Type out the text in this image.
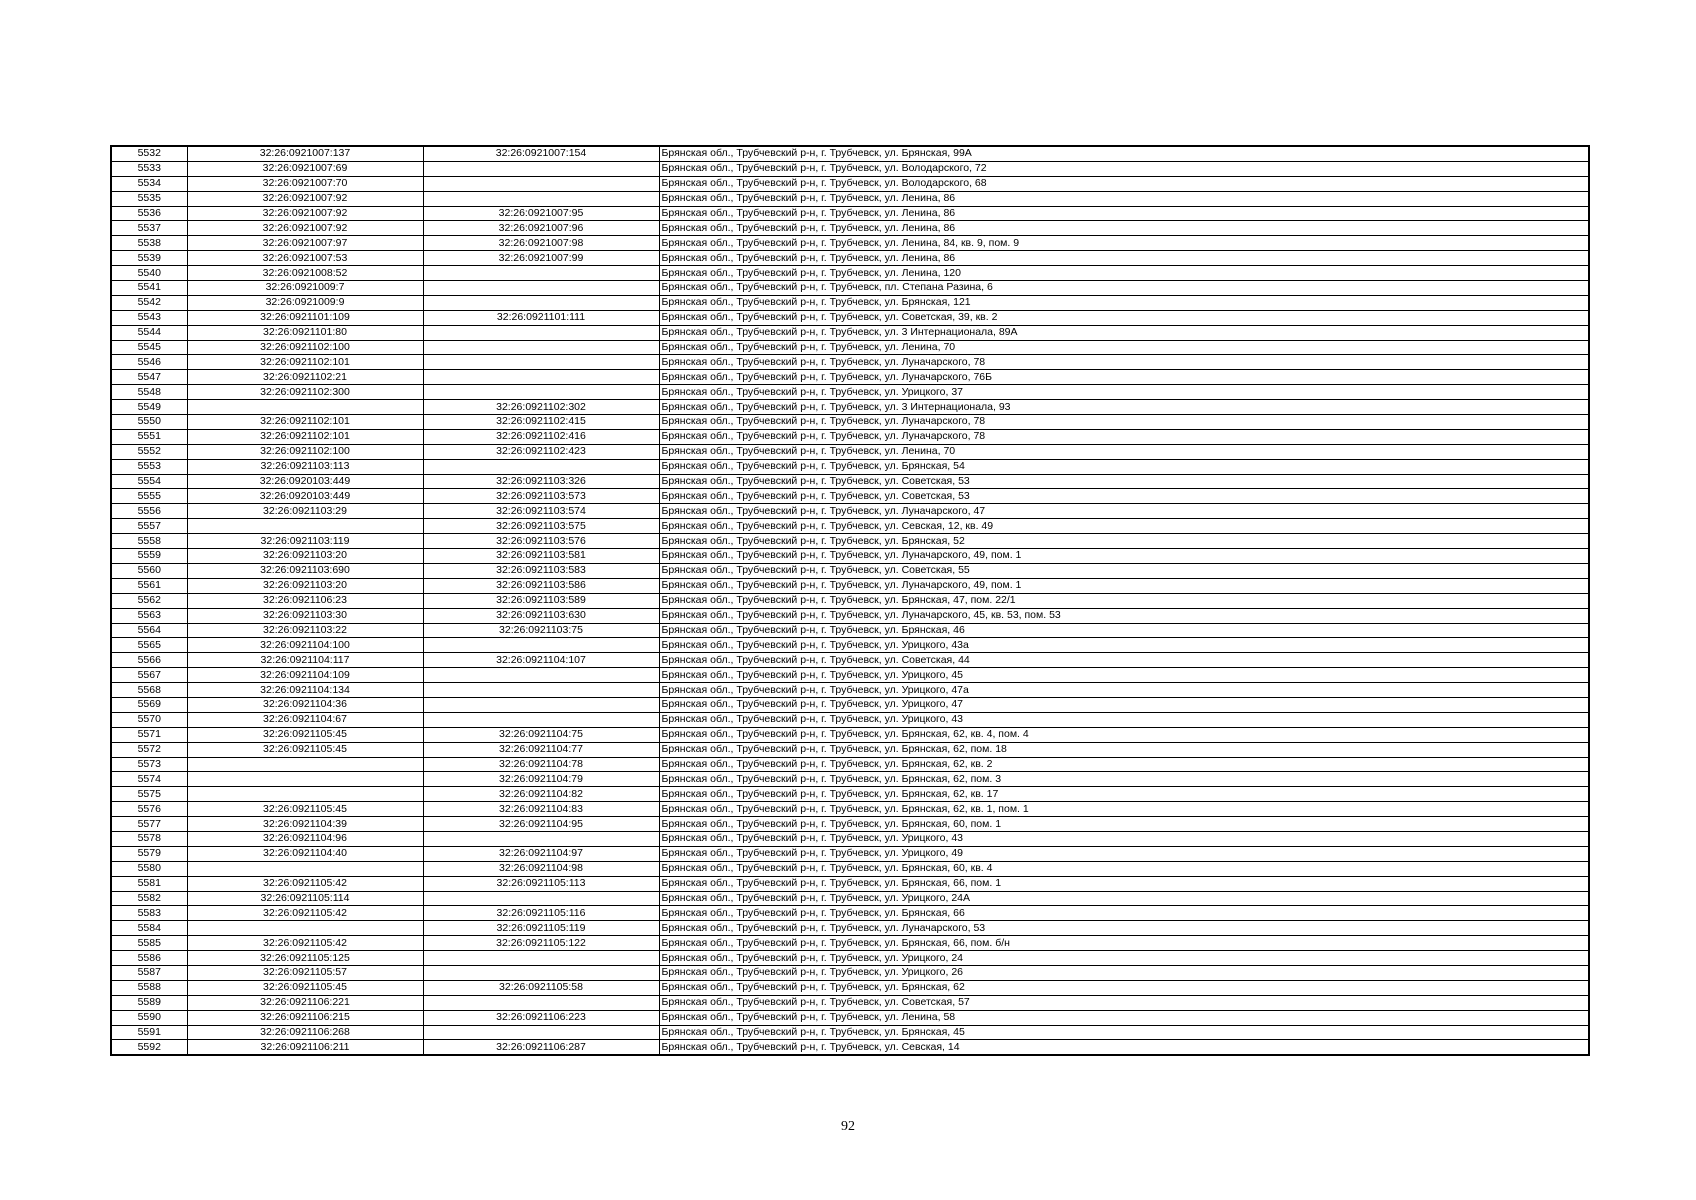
5532	32:26:0921007:137	32:26:0921007:154	Брянская обл., Трубчевский р-н, г. Трубчевск, ул. Брянская, 99А
5533	32:26:0921007:69		Брянская обл., Трубчевский р-н, г. Трубчевск, ул. Володарского, 72
5534	32:26:0921007:70		Брянская обл., Трубчевский р-н, г. Трубчевск, ул. Володарского, 68
5535	32:26:0921007:92		Брянская обл., Трубчевский р-н, г. Трубчевск, ул. Ленина, 86
5536	32:26:0921007:92	32:26:0921007:95	Брянская обл., Трубчевский р-н, г. Трубчевск, ул. Ленина, 86
5537	32:26:0921007:92	32:26:0921007:96	Брянская обл., Трубчевский р-н, г. Трубчевск, ул. Ленина, 86
5538	32:26:0921007:97	32:26:0921007:98	Брянская обл., Трубчевский р-н, г. Трубчевск, ул. Ленина, 84, кв. 9, пом. 9
5539	32:26:0921007:53	32:26:0921007:99	Брянская обл., Трубчевский р-н, г. Трубчевск, ул. Ленина, 86
5540	32:26:0921008:52		Брянская обл., Трубчевский р-н, г. Трубчевск, ул. Ленина, 120
5541	32:26:0921009:7		Брянская обл., Трубчевский р-н, г. Трубчевск, пл. Степана Разина, 6
5542	32:26:0921009:9		Брянская обл., Трубчевский р-н, г. Трубчевск, ул. Брянская, 121
5543	32:26:0921101:109	32:26:0921101:111	Брянская обл., Трубчевский р-н, г. Трубчевск, ул. Советская, 39, кв. 2
5544	32:26:0921101:80		Брянская обл., Трубчевский р-н, г. Трубчевск, ул. 3 Интернационала, 89А
5545	32:26:0921102:100		Брянская обл., Трубчевский р-н, г. Трубчевск, ул. Ленина, 70
5546	32:26:0921102:101		Брянская обл., Трубчевский р-н, г. Трубчевск, ул. Луначарского, 78
5547	32:26:0921102:21		Брянская обл., Трубчевский р-н, г. Трубчевск, ул. Луначарского, 76Б
5548	32:26:0921102:300		Брянская обл., Трубчевский р-н, г. Трубчевск, ул. Урицкого, 37
5549		32:26:0921102:302	Брянская обл., Трубчевский р-н, г. Трубчевск, ул. 3 Интернационала, 93
5550	32:26:0921102:101	32:26:0921102:415	Брянская обл., Трубчевский р-н, г. Трубчевск, ул. Луначарского, 78
5551	32:26:0921102:101	32:26:0921102:416	Брянская обл., Трубчевский р-н, г. Трубчевск, ул. Луначарского, 78
5552	32:26:0921102:100	32:26:0921102:423	Брянская обл., Трубчевский р-н, г. Трубчевск, ул. Ленина, 70
5553	32:26:0921103:113		Брянская обл., Трубчевский р-н, г. Трубчевск, ул. Брянская, 54
5554	32:26:0920103:449	32:26:0921103:326	Брянская обл., Трубчевский р-н, г. Трубчевск, ул. Советская, 53
5555	32:26:0920103:449	32:26:0921103:573	Брянская обл., Трубчевский р-н, г. Трубчевск, ул. Советская, 53
5556	32:26:0921103:29	32:26:0921103:574	Брянская обл., Трубчевский р-н, г. Трубчевск, ул. Луначарского, 47
5557		32:26:0921103:575	Брянская обл., Трубчевский р-н, г. Трубчевск, ул. Севская, 12, кв. 49
5558	32:26:0921103:119	32:26:0921103:576	Брянская обл., Трубчевский р-н, г. Трубчевск, ул. Брянская, 52
5559	32:26:0921103:20	32:26:0921103:581	Брянская обл., Трубчевский р-н, г. Трубчевск, ул. Луначарского, 49, пом. 1
5560	32:26:0921103:690	32:26:0921103:583	Брянская обл., Трубчевский р-н, г. Трубчевск, ул. Советская, 55
5561	32:26:0921103:20	32:26:0921103:586	Брянская обл., Трубчевский р-н, г. Трубчевск, ул. Луначарского, 49, пом. 1
5562	32:26:0921106:23	32:26:0921103:589	Брянская обл., Трубчевский р-н, г. Трубчевск, ул. Брянская, 47, пом. 22/1
5563	32:26:0921103:30	32:26:0921103:630	Брянская обл., Трубчевский р-н, г. Трубчевск, ул. Луначарского, 45, кв. 53, пом. 53
5564	32:26:0921103:22	32:26:0921103:75	Брянская обл., Трубчевский р-н, г. Трубчевск, ул. Брянская, 46
5565	32:26:0921104:100		Брянская обл., Трубчевский р-н, г. Трубчевск, ул. Урицкого, 43а
5566	32:26:0921104:117	32:26:0921104:107	Брянская обл., Трубчевский р-н, г. Трубчевск, ул. Советская, 44
5567	32:26:0921104:109		Брянская обл., Трубчевский р-н, г. Трубчевск, ул. Урицкого, 45
5568	32:26:0921104:134		Брянская обл., Трубчевский р-н, г. Трубчевск, ул. Урицкого, 47а
5569	32:26:0921104:36		Брянская обл., Трубчевский р-н, г. Трубчевск, ул. Урицкого, 47
5570	32:26:0921104:67		Брянская обл., Трубчевский р-н, г. Трубчевск, ул. Урицкого, 43
5571	32:26:0921105:45	32:26:0921104:75	Брянская обл., Трубчевский р-н, г. Трубчевск, ул. Брянская, 62, кв. 4, пом. 4
5572	32:26:0921105:45	32:26:0921104:77	Брянская обл., Трубчевский р-н, г. Трубчевск, ул. Брянская, 62, пом. 18
5573		32:26:0921104:78	Брянская обл., Трубчевский р-н, г. Трубчевск, ул. Брянская, 62, кв. 2
5574		32:26:0921104:79	Брянская обл., Трубчевский р-н, г. Трубчевск, ул. Брянская, 62, пом. 3
5575		32:26:0921104:82	Брянская обл., Трубчевский р-н, г. Трубчевск, ул. Брянская, 62, кв. 17
5576	32:26:0921105:45	32:26:0921104:83	Брянская обл., Трубчевский р-н, г. Трубчевск, ул. Брянская, 62, кв. 1, пом. 1
5577	32:26:0921104:39	32:26:0921104:95	Брянская обл., Трубчевский р-н, г. Трубчевск, ул. Брянская, 60, пом. 1
5578	32:26:0921104:96		Брянская обл., Трубчевский р-н, г. Трубчевск, ул. Урицкого, 43
5579	32:26:0921104:40	32:26:0921104:97	Брянская обл., Трубчевский р-н, г. Трубчевск, ул. Урицкого, 49
5580		32:26:0921104:98	Брянская обл., Трубчевский р-н, г. Трубчевск, ул. Брянская, 60, кв. 4
5581	32:26:0921105:42	32:26:0921105:113	Брянская обл., Трубчевский р-н, г. Трубчевск, ул. Брянская, 66, пом. 1
5582	32:26:0921105:114		Брянская обл., Трубчевский р-н, г. Трубчевск, ул. Урицкого, 24А
5583	32:26:0921105:42	32:26:0921105:116	Брянская обл., Трубчевский р-н, г. Трубчевск, ул. Брянская, 66
5584		32:26:0921105:119	Брянская обл., Трубчевский р-н, г. Трубчевск, ул. Луначарского, 53
5585	32:26:0921105:42	32:26:0921105:122	Брянская обл., Трубчевский р-н, г. Трубчевск, ул. Брянская, 66, пом. б/н
5586	32:26:0921105:125		Брянская обл., Трубчевский р-н, г. Трубчевск, ул. Урицкого, 24
5587	32:26:0921105:57		Брянская обл., Трубчевский р-н, г. Трубчевск, ул. Урицкого, 26
5588	32:26:0921105:45	32:26:0921105:58	Брянская обл., Трубчевский р-н, г. Трубчевск, ул. Брянская, 62
5589	32:26:0921106:221		Брянская обл., Трубчевский р-н, г. Трубчевск, ул. Советская, 57
5590	32:26:0921106:215	32:26:0921106:223	Брянская обл., Трубчевский р-н, г. Трубчевск, ул. Ленина, 58
5591	32:26:0921106:268		Брянская обл., Трубчевский р-н, г. Трубчевск, ул. Брянская, 45
5592	32:26:0921106:211	32:26:0921106:287	Брянская обл., Трубчевский р-н, г. Трубчевск, ул. Севская, 14
92
